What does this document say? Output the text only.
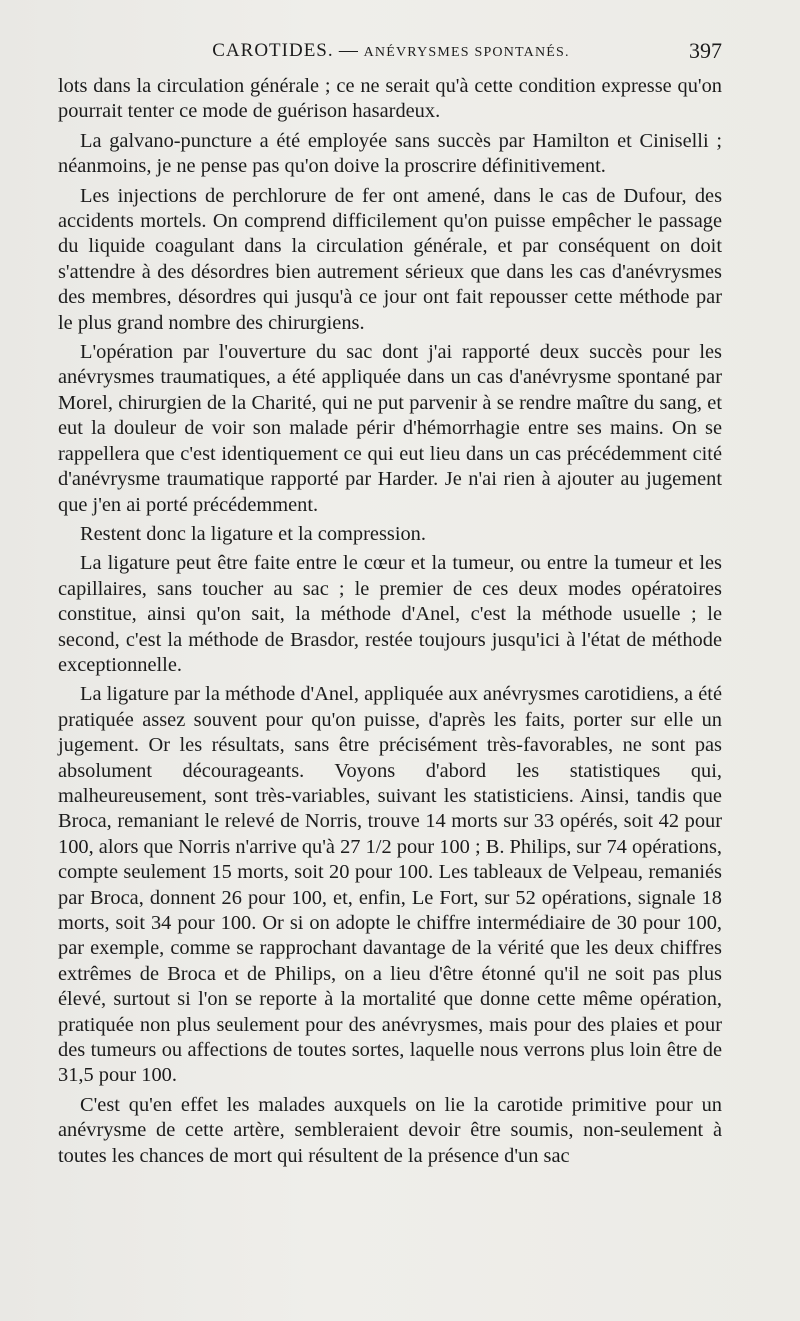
CAROTIDES. — ANÉVRYSMES SPONTANÉS.	397

lots dans la circulation générale ; ce ne serait qu'à cette condition expresse qu'on pourrait tenter ce mode de guérison hasardeux.

La galvano-puncture a été employée sans succès par Hamilton et Ciniselli ; néanmoins, je ne pense pas qu'on doive la proscrire définitivement.

Les injections de perchlorure de fer ont amené, dans le cas de Dufour, des accidents mortels. On comprend difficilement qu'on puisse empêcher le passage du liquide coagulant dans la circulation générale, et par conséquent on doit s'attendre à des désordres bien autrement sérieux que dans les cas d'anévrysmes des membres, désordres qui jusqu'à ce jour ont fait repousser cette méthode par le plus grand nombre des chirurgiens.

L'opération par l'ouverture du sac dont j'ai rapporté deux succès pour les anévrysmes traumatiques, a été appliquée dans un cas d'anévrysme spontané par Morel, chirurgien de la Charité, qui ne put parvenir à se rendre maître du sang, et eut la douleur de voir son malade périr d'hémorrhagie entre ses mains. On se rappellera que c'est identiquement ce qui eut lieu dans un cas précédemment cité d'anévrysme traumatique rapporté par Harder. Je n'ai rien à ajouter au jugement que j'en ai porté précédemment.

Restent donc la ligature et la compression.

La ligature peut être faite entre le cœur et la tumeur, ou entre la tumeur et les capillaires, sans toucher au sac ; le premier de ces deux modes opératoires constitue, ainsi qu'on sait, la méthode d'Anel, c'est la méthode usuelle ; le second, c'est la méthode de Brasdor, restée toujours jusqu'ici à l'état de méthode exceptionnelle.

La ligature par la méthode d'Anel, appliquée aux anévrysmes carotidiens, a été pratiquée assez souvent pour qu'on puisse, d'après les faits, porter sur elle un jugement. Or les résultats, sans être précisément très-favorables, ne sont pas absolument décourageants. Voyons d'abord les statistiques qui, malheureusement, sont très-variables, suivant les statisticiens. Ainsi, tandis que Broca, remaniant le relevé de Norris, trouve 14 morts sur 33 opérés, soit 42 pour 100, alors que Norris n'arrive qu'à 27 1/2 pour 100 ; B. Philips, sur 74 opérations, compte seulement 15 morts, soit 20 pour 100. Les tableaux de Velpeau, remaniés par Broca, donnent 26 pour 100, et, enfin, Le Fort, sur 52 opérations, signale 18 morts, soit 34 pour 100. Or si on adopte le chiffre intermédiaire de 30 pour 100, par exemple, comme se rapprochant davantage de la vérité que les deux chiffres extrêmes de Broca et de Philips, on a lieu d'être étonné qu'il ne soit pas plus élevé, surtout si l'on se reporte à la mortalité que donne cette même opération, pratiquée non plus seulement pour des anévrysmes, mais pour des plaies et pour des tumeurs ou affections de toutes sortes, laquelle nous verrons plus loin être de 31,5 pour 100.

C'est qu'en effet les malades auxquels on lie la carotide primitive pour un anévrysme de cette artère, sembleraient devoir être soumis, non-seulement à toutes les chances de mort qui résultent de la présence d'un sac
